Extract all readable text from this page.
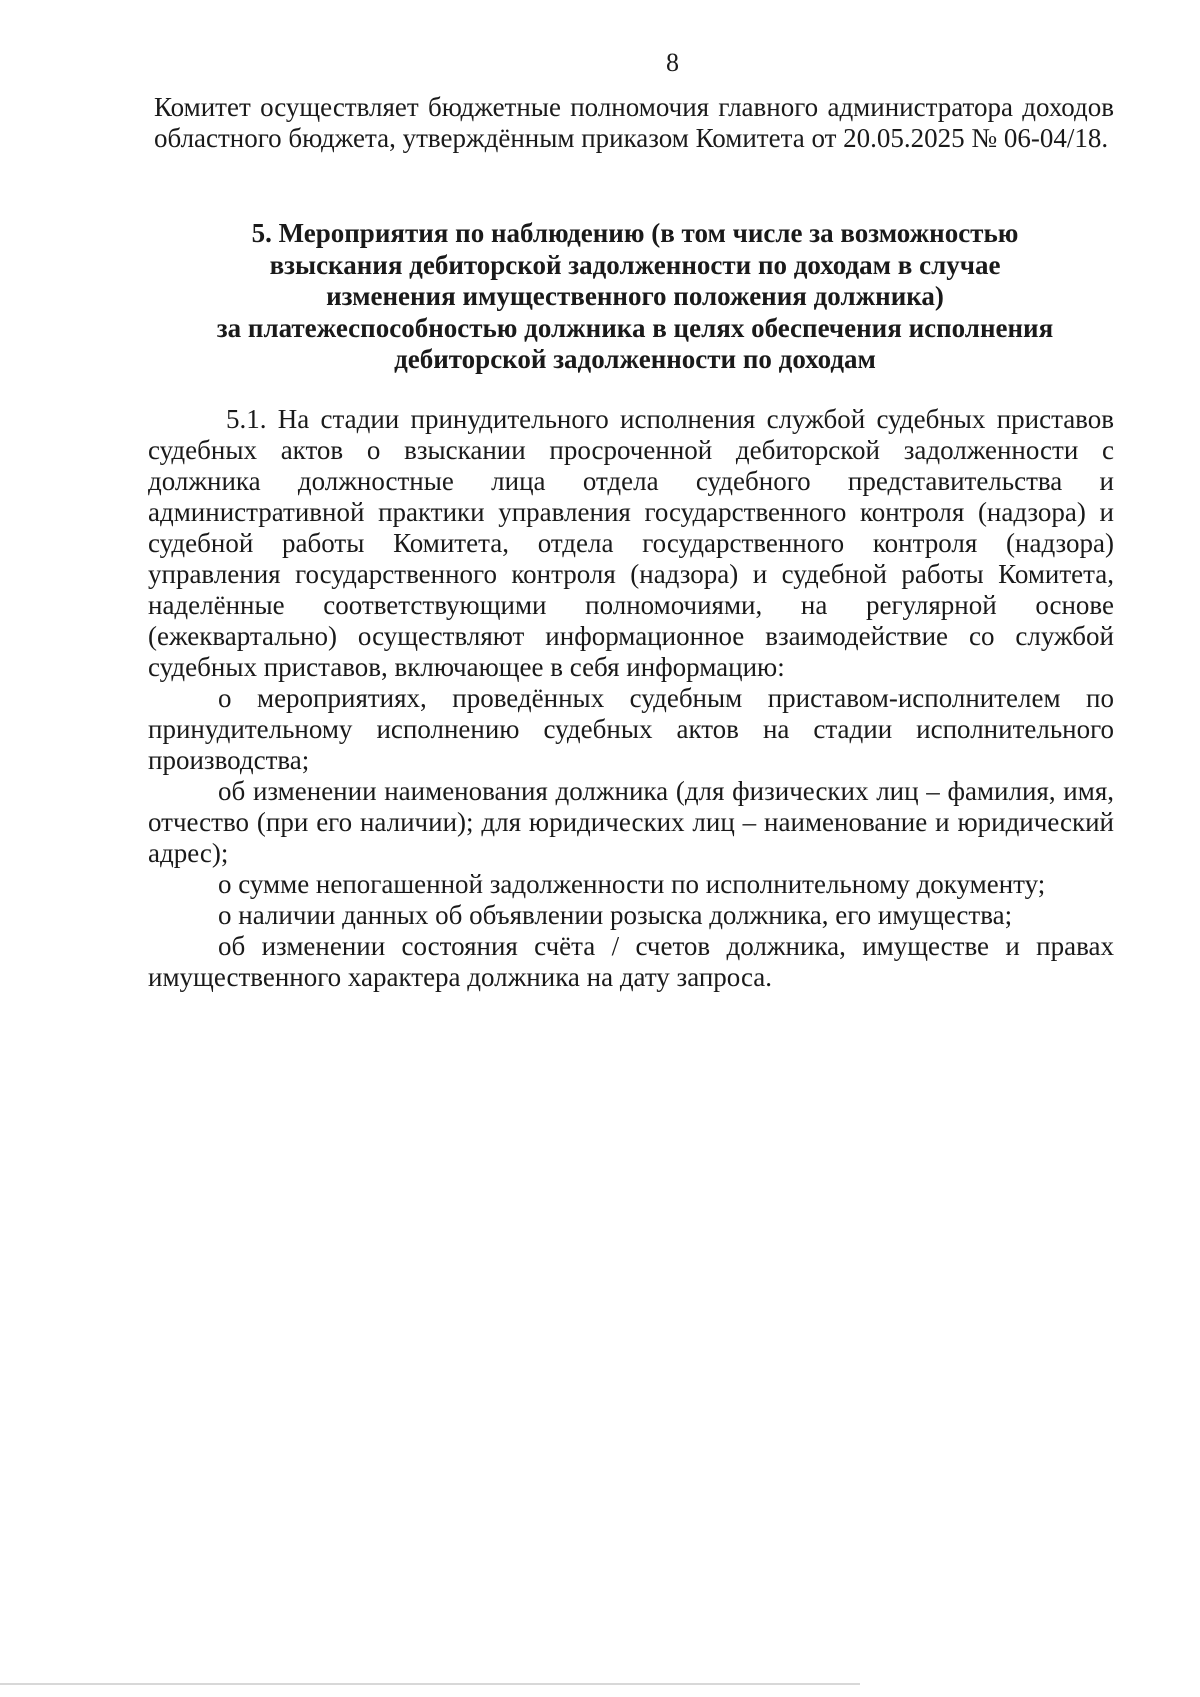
8

Комитет осуществляет бюджетные полномочия главного администратора доходов областного бюджета, утверждённым приказом Комитета от 20.05.2025 № 06-04/18.

5. Мероприятия по наблюдению (в том числе за возможностью
взыскания дебиторской задолженности по доходам в случае
изменения имущественного положения должника)
за платежеспособностью должника в целях обеспечения исполнения
дебиторской задолженности по доходам

5.1. На стадии принудительного исполнения службой судебных приставов судебных актов о взыскании просроченной дебиторской задолженности с должника должностные лица отдела судебного представительства и административной практики управления государственного контроля (надзора) и судебной работы Комитета, отдела государственного контроля (надзора) управления государственного контроля (надзора) и судебной работы Комитета, наделённые соответствующими полномочиями, на регулярной основе (ежеквартально) осуществляют информационное взаимодействие со службой судебных приставов, включающее в себя информацию:

о мероприятиях, проведённых судебным приставом-исполнителем по принудительному исполнению судебных актов на стадии исполнительного производства;

об изменении наименования должника (для физических лиц – фамилия, имя, отчество (при его наличии); для юридических лиц – наименование и юридический адрес);

о сумме непогашенной задолженности по исполнительному документу;

о наличии данных об объявлении розыска должника, его имущества;

об изменении состояния счёта / счетов должника, имуществе и правах имущественного характера должника на дату запроса.
